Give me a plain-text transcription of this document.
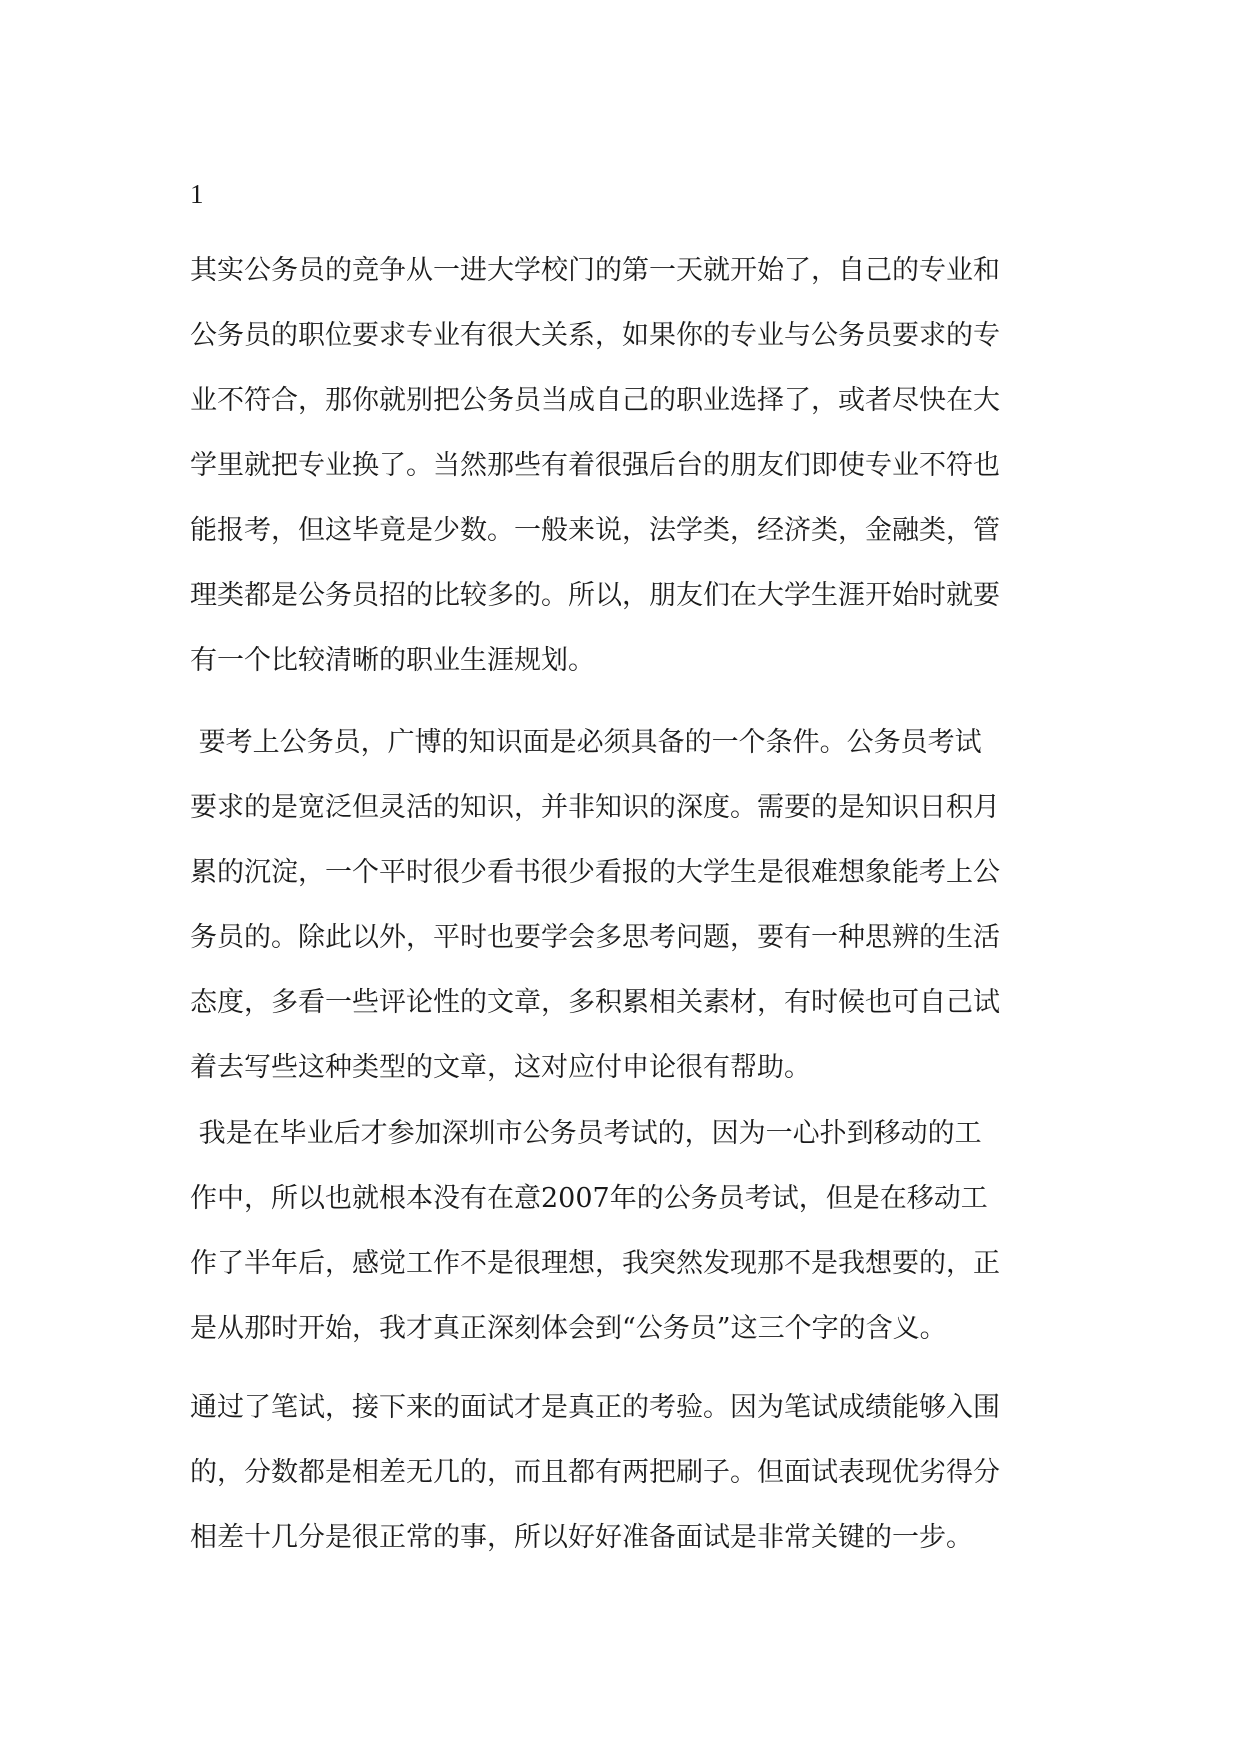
1
其实公务员的竞争从一进大学校门的第一天就开始了，自己的专业和
公务员的职位要求专业有很大关系，如果你的专业与公务员要求的专
业不符合，那你就别把公务员当成自己的职业选择了，或者尽快在大
学里就把专业换了。当然那些有着很强后台的朋友们即使专业不符也
能报考，但这毕竟是少数。一般来说，法学类，经济类，金融类，管
理类都是公务员招的比较多的。所以，朋友们在大学生涯开始时就要
有一个比较清晰的职业生涯规划。
要考上公务员，广博的知识面是必须具备的一个条件。公务员考试
要求的是宽泛但灵活的知识，并非知识的深度。需要的是知识日积月
累的沉淀，一个平时很少看书很少看报的大学生是很难想象能考上公
务员的。除此以外，平时也要学会多思考问题，要有一种思辨的生活
态度，多看一些评论性的文章，多积累相关素材，有时候也可自己试
着去写些这种类型的文章，这对应付申论很有帮助。
我是在毕业后才参加深圳市公务员考试的，因为一心扑到移动的工
作中，所以也就根本没有在意2007年的公务员考试，但是在移动工
作了半年后，感觉工作不是很理想，我突然发现那不是我想要的，正
是从那时开始，我才真正深刻体会到“公务员”这三个字的含义。
通过了笔试，接下来的面试才是真正的考验。因为笔试成绩能够入围
的，分数都是相差无几的，而且都有两把刷子。但面试表现优劣得分
相差十几分是很正常的事，所以好好准备面试是非常关键的一步。
